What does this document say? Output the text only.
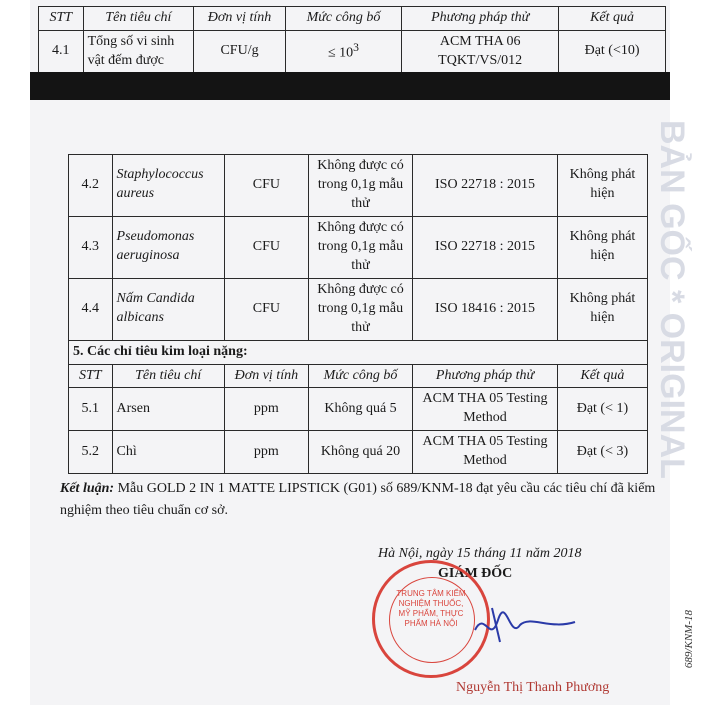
STT	Tên tiêu chí	Đơn vị tính	Mức công bố	Phương pháp thử	Kết quả
4.1	Tổng số vi sinh vật đếm được	CFU/g	≤ $10^3$	ACM THA 06 TQKT/VS/012	Đạt (<10)
BẢN GỐC * ORIGINAL
4.2	Staphylococcus aureus	CFU	Không được có trong 0,1g mẫu thử	ISO 22718 : 2015	Không phát hiện
4.3	Pseudomonas aeruginosa	CFU	Không được có trong 0,1g mẫu thử	ISO 22718 : 2015	Không phát hiện
4.4	Nấm Candida albicans	CFU	Không được có trong 0,1g mẫu thử	ISO 18416 : 2015	Không phát hiện
5. Các chỉ tiêu kim loại nặng:					
STT	Tên tiêu chí	Đơn vị tính	Mức công bố	Phương pháp thử	Kết quả
5.1	Arsen	ppm	Không quá 5	ACM THA 05 Testing Method	Đạt (< 1)
5.2	Chì	ppm	Không quá 20	ACM THA 05 Testing Method	Đạt (< 3)
Kết luận: Mẫu GOLD 2 IN 1 MATTE LIPSTICK (G01) số 689/KNM-18 đạt yêu cầu các tiêu chí đã kiểm nghiệm theo tiêu chuẩn cơ sở.
Hà Nội, ngày 15 tháng 11 năm 2018
GIÁM ĐỐC
TRUNG TÂM KIỂM NGHIỆM THUỐC, MỸ PHẨM, THỰC PHẨM HÀ NỘI
Nguyễn Thị Thanh Phương
689/KNM-18
